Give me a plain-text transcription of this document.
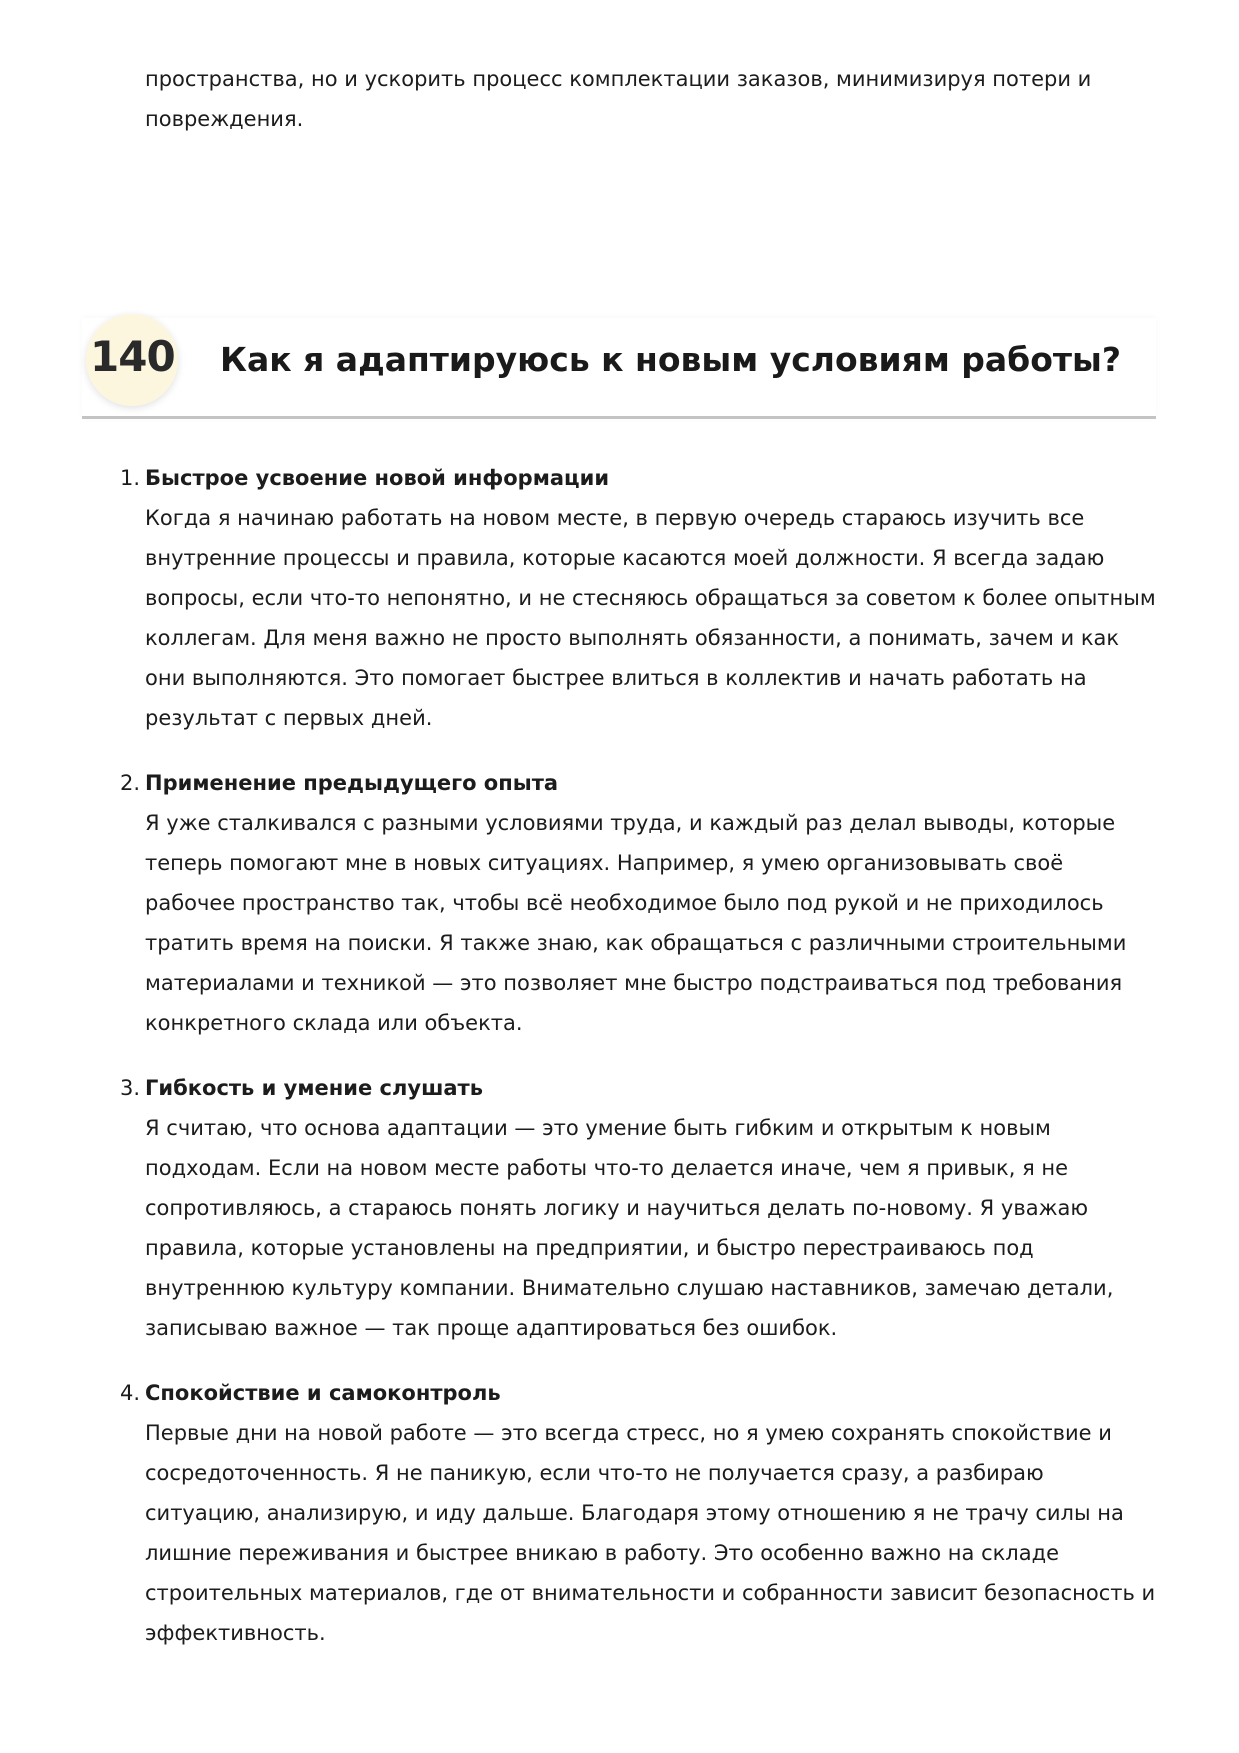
пространства, но и ускорить процесс комплектации заказов, минимизируя потери и повреждения.

140 Как я адаптируюсь к новым условиям работы?
1. Быстрое усвоение новой информации

Когда я начинаю работать на новом месте, в первую очередь стараюсь изучить все внутренние процессы и правила, которые касаются моей должности. Я всегда задаю вопросы, если что-то непонятно, и не стесняюсь обращаться за советом к более опытным коллегам. Для меня важно не просто выполнять обязанности, а понимать, зачем и как они выполняются. Это помогает быстрее влиться в коллектив и начать работать на результат с первых дней.

2. Применение предыдущего опыта

Я уже сталкивался с разными условиями труда, и каждый раз делал выводы, которые теперь помогают мне в новых ситуациях. Например, я умею организовывать своё рабочее пространство так, чтобы всё необходимое было под рукой и не приходилось тратить время на поиски. Я также знаю, как обращаться с различными строительными материалами и техникой — это позволяет мне быстро подстраиваться под требования конкретного склада или объекта.

3. Гибкость и умение слушать

Я считаю, что основа адаптации — это умение быть гибким и открытым к новым подходам. Если на новом месте работы что-то делается иначе, чем я привык, я не сопротивляюсь, а стараюсь понять логику и научиться делать по-новому. Я уважаю правила, которые установлены на предприятии, и быстро перестраиваюсь под внутреннюю культуру компании. Внимательно слушаю наставников, замечаю детали, записываю важное — так проще адаптироваться без ошибок.

4. Спокойствие и самоконтроль

Первые дни на новой работе — это всегда стресс, но я умею сохранять спокойствие и сосредоточенность. Я не паникую, если что-то не получается сразу, а разбираю ситуацию, анализирую, и иду дальше. Благодаря этому отношению я не трачу силы на лишние переживания и быстрее вникаю в работу. Это особенно важно на складе строительных материалов, где от внимательности и собранности зависит безопасность и эффективность.
